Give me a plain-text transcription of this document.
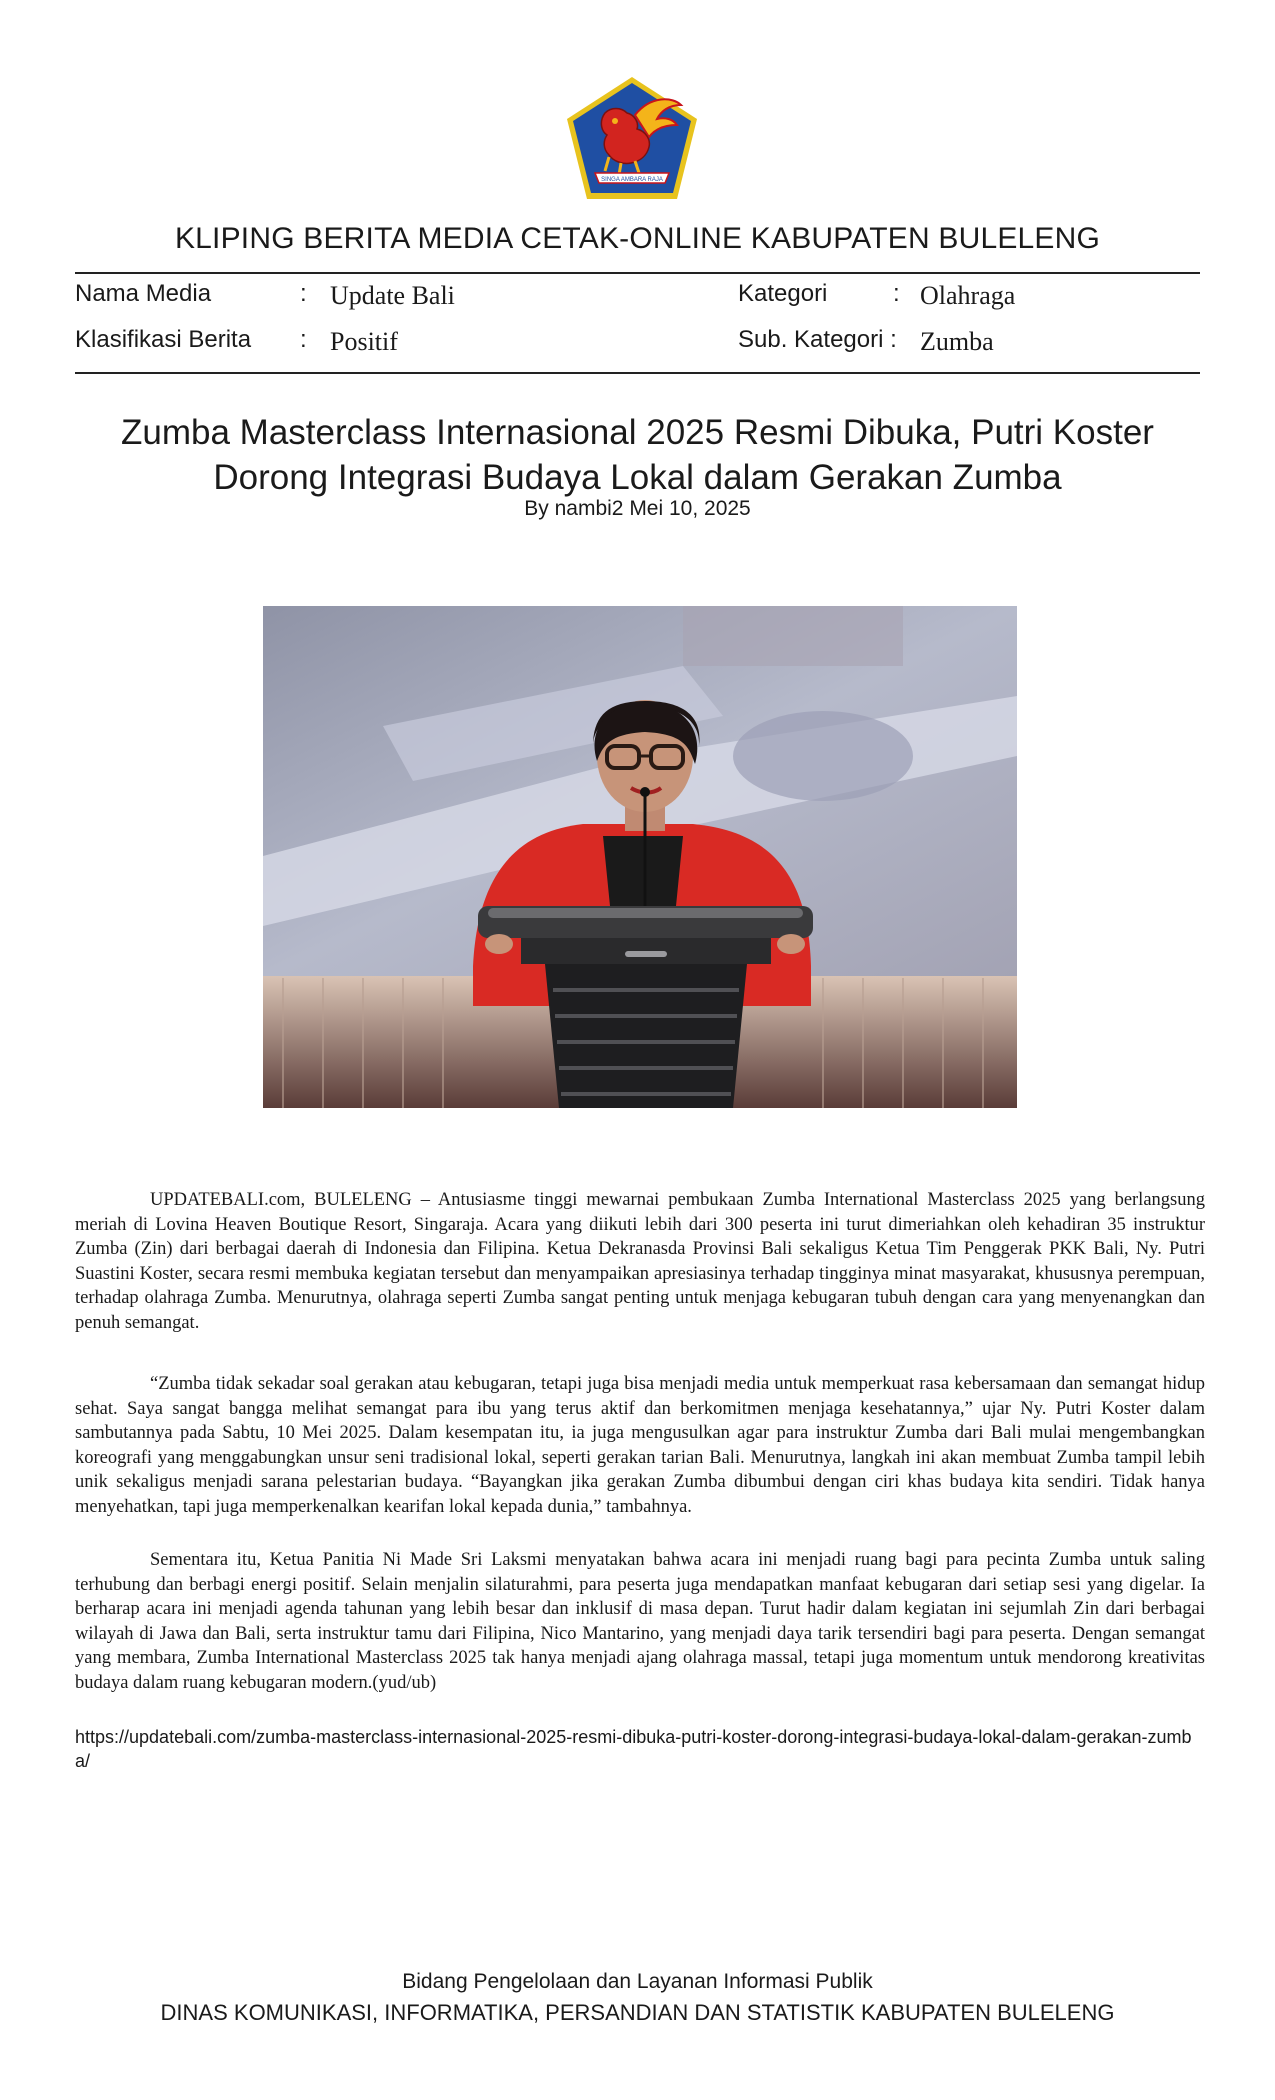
SINGA AMBARA RAJA
KLIPING BERITA MEDIA CETAK-ONLINE KABUPATEN BULELENG
Nama Media	: Update Bali
Klasifikasi Berita : Positif
Kategori	: Olahraga
Sub. Kategori : Zumba
Zumba Masterclass Internasional 2025 Resmi Dibuka, Putri Koster
Dorong Integrasi Budaya Lokal dalam Gerakan Zumba
By nambi2 Mei 10, 2025

UPDATEBALI.com, BULELENG – Antusiasme tinggi mewarnai pembukaan Zumba International Masterclass 2025 yang berlangsung meriah di Lovina Heaven Boutique Resort, Singaraja. Acara yang diikuti lebih dari 300 peserta ini turut dimeriahkan oleh kehadiran 35 instruktur Zumba (Zin) dari berbagai daerah di Indonesia dan Filipina. Ketua Dekranasda Provinsi Bali sekaligus Ketua Tim Penggerak PKK Bali, Ny. Putri Suastini Koster, secara resmi membuka kegiatan tersebut dan menyampaikan apresiasinya terhadap tingginya minat masyarakat, khususnya perempuan, terhadap olahraga Zumba. Menurutnya, olahraga seperti Zumba sangat penting untuk menjaga kebugaran tubuh dengan cara yang menyenangkan dan penuh semangat.

“Zumba tidak sekadar soal gerakan atau kebugaran, tetapi juga bisa menjadi media untuk memperkuat rasa kebersamaan dan semangat hidup sehat. Saya sangat bangga melihat semangat para ibu yang terus aktif dan berkomitmen menjaga kesehatannya,” ujar Ny. Putri Koster dalam sambutannya pada Sabtu, 10 Mei 2025. Dalam kesempatan itu, ia juga mengusulkan agar para instruktur Zumba dari Bali mulai mengembangkan koreografi yang menggabungkan unsur seni tradisional lokal, seperti gerakan tarian Bali. Menurutnya, langkah ini akan membuat Zumba tampil lebih unik sekaligus menjadi sarana pelestarian budaya. “Bayangkan jika gerakan Zumba dibumbui dengan ciri khas budaya kita sendiri. Tidak hanya menyehatkan, tapi juga memperkenalkan kearifan lokal kepada dunia,” tambahnya.

Sementara itu, Ketua Panitia Ni Made Sri Laksmi menyatakan bahwa acara ini menjadi ruang bagi para pecinta Zumba untuk saling terhubung dan berbagi energi positif. Selain menjalin silaturahmi, para peserta juga mendapatkan manfaat kebugaran dari setiap sesi yang digelar. Ia berharap acara ini menjadi agenda tahunan yang lebih besar dan inklusif di masa depan. Turut hadir dalam kegiatan ini sejumlah Zin dari berbagai wilayah di Jawa dan Bali, serta instruktur tamu dari Filipina, Nico Mantarino, yang menjadi daya tarik tersendiri bagi para peserta. Dengan semangat yang membara, Zumba International Masterclass 2025 tak hanya menjadi ajang olahraga massal, tetapi juga momentum untuk mendorong kreativitas budaya dalam ruang kebugaran modern.(yud/ub)

https://updatebali.com/zumba-masterclass-internasional-2025-resmi-dibuka-putri-koster-dorong-integrasi-budaya-lokal-dalam-gerakan-zumba/

Bidang Pengelolaan dan Layanan Informasi Publik
DINAS KOMUNIKASI, INFORMATIKA, PERSANDIAN DAN STATISTIK KABUPATEN BULELENG
